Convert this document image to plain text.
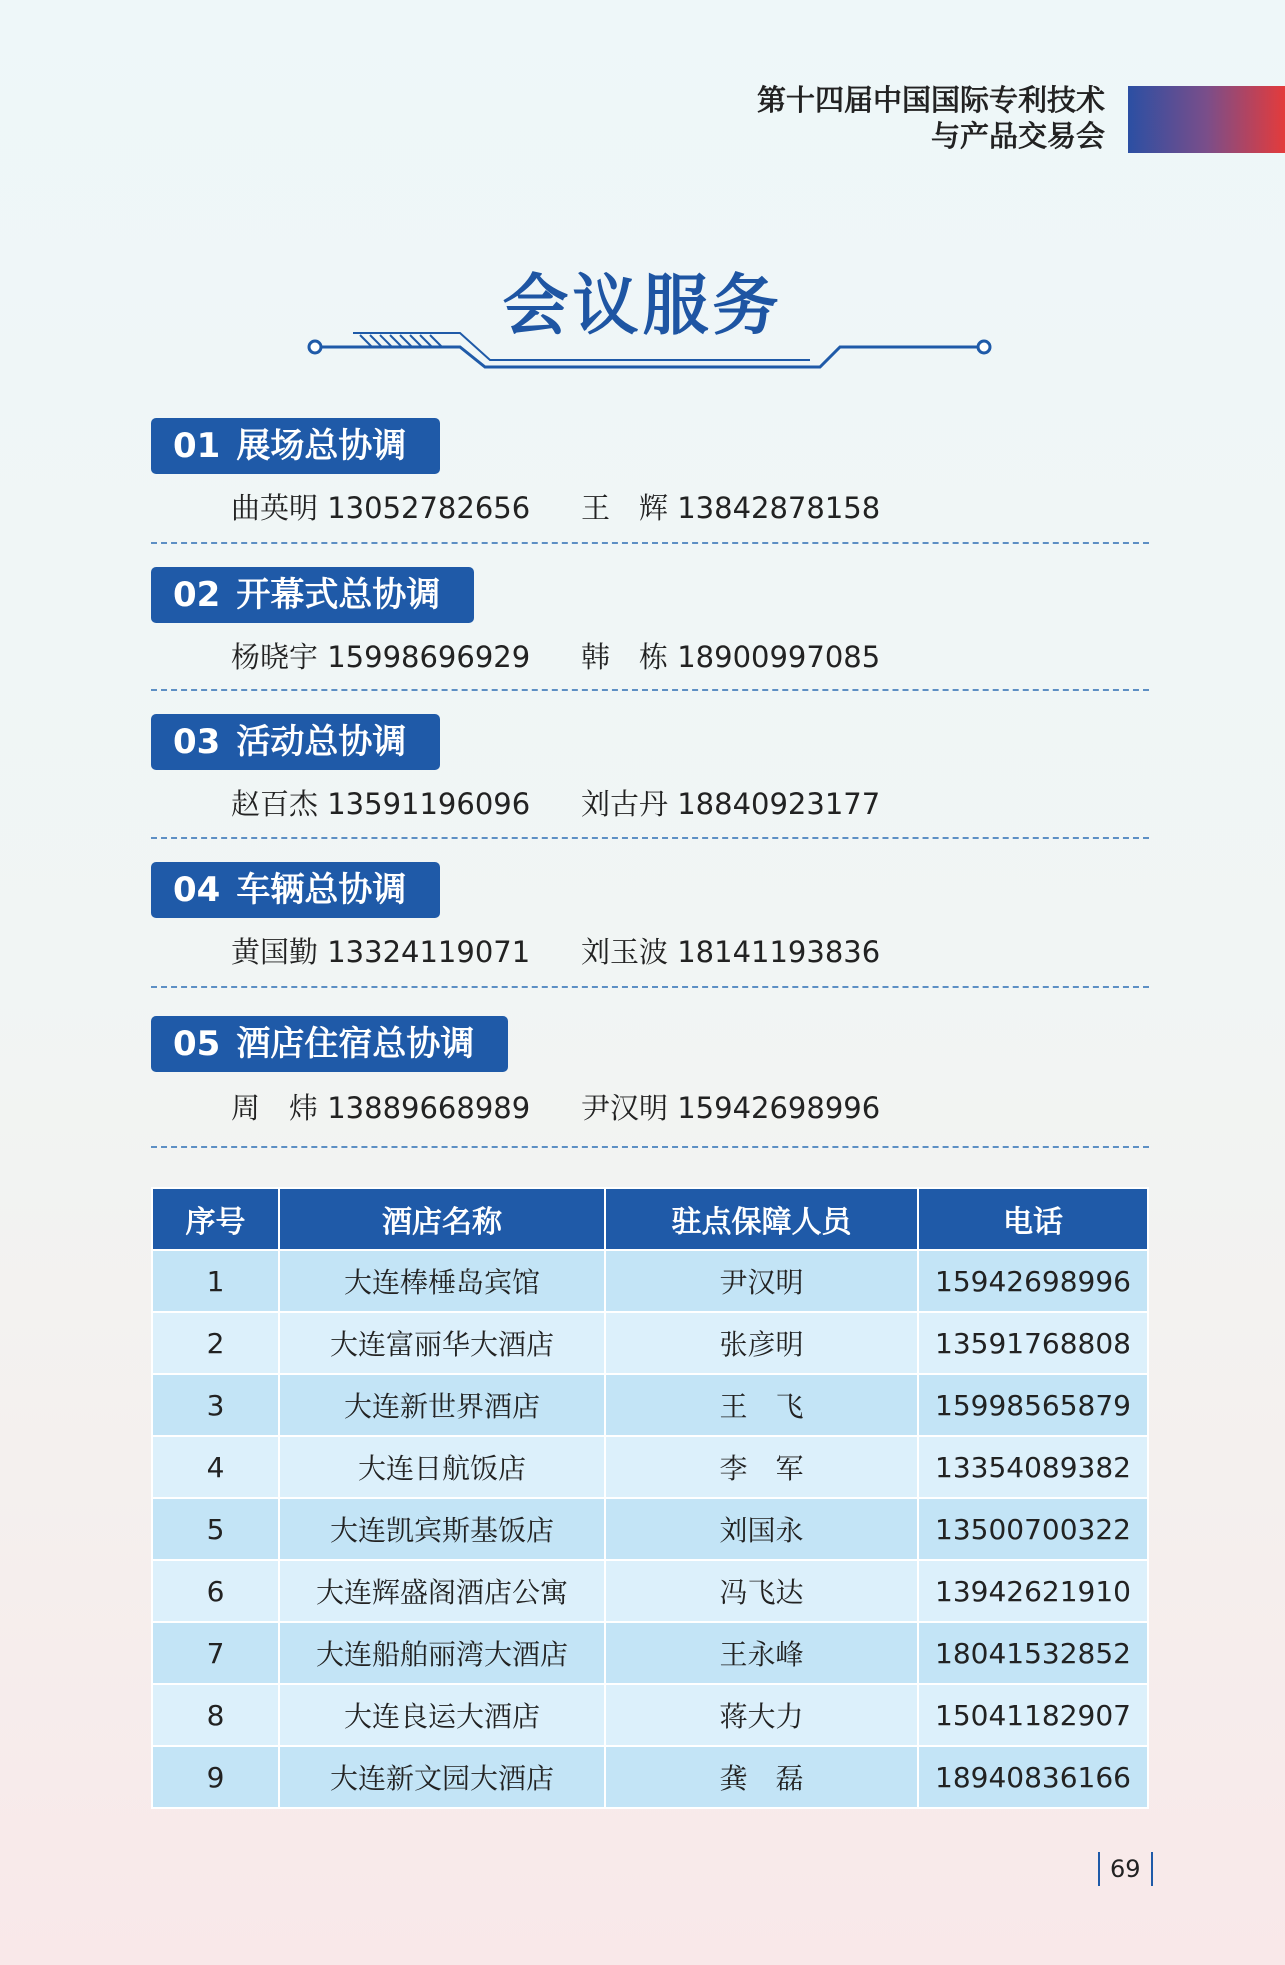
第十四届中国国际专利技术
与产品交易会
会议服务
01 展场总协调
曲英明 13052782656 王　辉 13842878158
02 开幕式总协调
杨晓宇 15998696929 韩　栋 18900997085
03 活动总协调
赵百杰 13591196096 刘古丹 18840923177
04 车辆总协调
黄国勤 13324119071 刘玉波 18141193836
05 酒店住宿总协调
周　炜 13889668989 尹汉明 15942698996
序号	酒店名称	驻点保障人员	电话
1	大连棒棰岛宾馆	尹汉明	15942698996
2	大连富丽华大酒店	张彦明	13591768808
3	大连新世界酒店	王　飞	15998565879
4	大连日航饭店	李　军	13354089382
5	大连凯宾斯基饭店	刘国永	13500700322
6	大连辉盛阁酒店公寓	冯飞达	13942621910
7	大连船舶丽湾大酒店	王永峰	18041532852
8	大连良运大酒店	蒋大力	15041182907
9	大连新文园大酒店	龚　磊	18940836166
69
